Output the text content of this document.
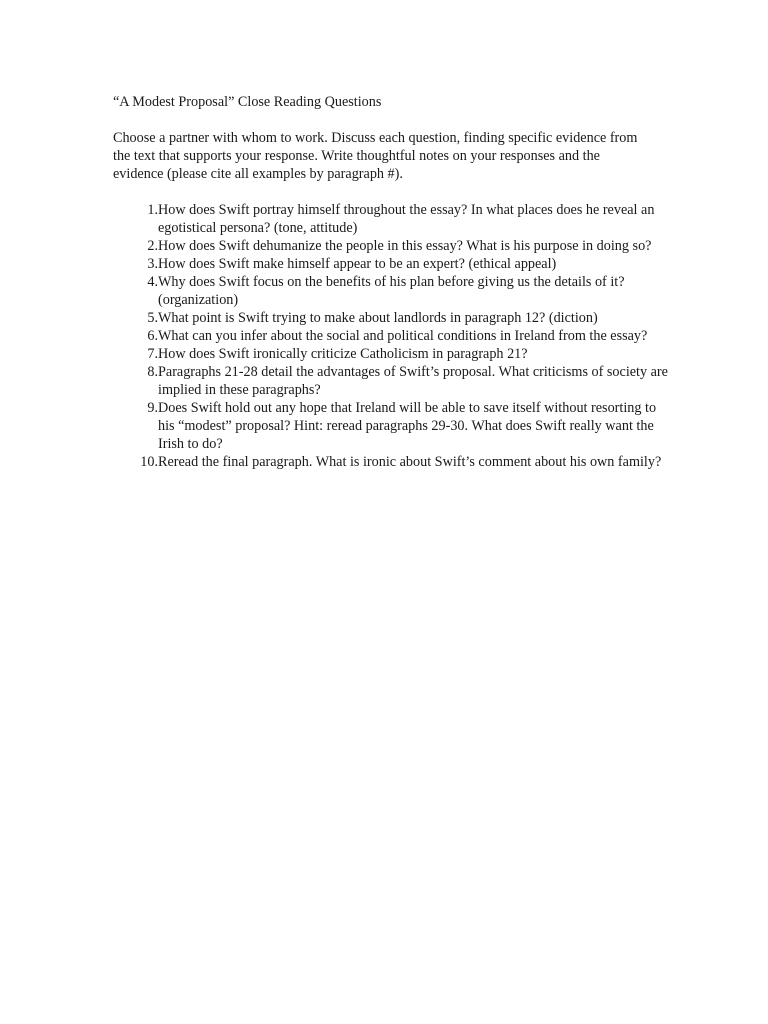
“A Modest Proposal” Close Reading Questions

Choose a partner with whom to work. Discuss each question, finding specific evidence from the text that supports your response. Write thoughtful notes on your responses and the evidence (please cite all examples by paragraph #).

1. How does Swift portray himself throughout the essay? In what places does he reveal an egotistical persona? (tone, attitude)
2. How does Swift dehumanize the people in this essay? What is his purpose in doing so?
3. How does Swift make himself appear to be an expert? (ethical appeal)
4. Why does Swift focus on the benefits of his plan before giving us the details of it? (organization)
5. What point is Swift trying to make about landlords in paragraph 12? (diction)
6. What can you infer about the social and political conditions in Ireland from the essay?
7. How does Swift ironically criticize Catholicism in paragraph 21?
8. Paragraphs 21-28 detail the advantages of Swift’s proposal. What criticisms of society are implied in these paragraphs?
9. Does Swift hold out any hope that Ireland will be able to save itself without resorting to his “modest” proposal? Hint: reread paragraphs 29-30. What does Swift really want the Irish to do?
10. Reread the final paragraph. What is ironic about Swift’s comment about his own family?
